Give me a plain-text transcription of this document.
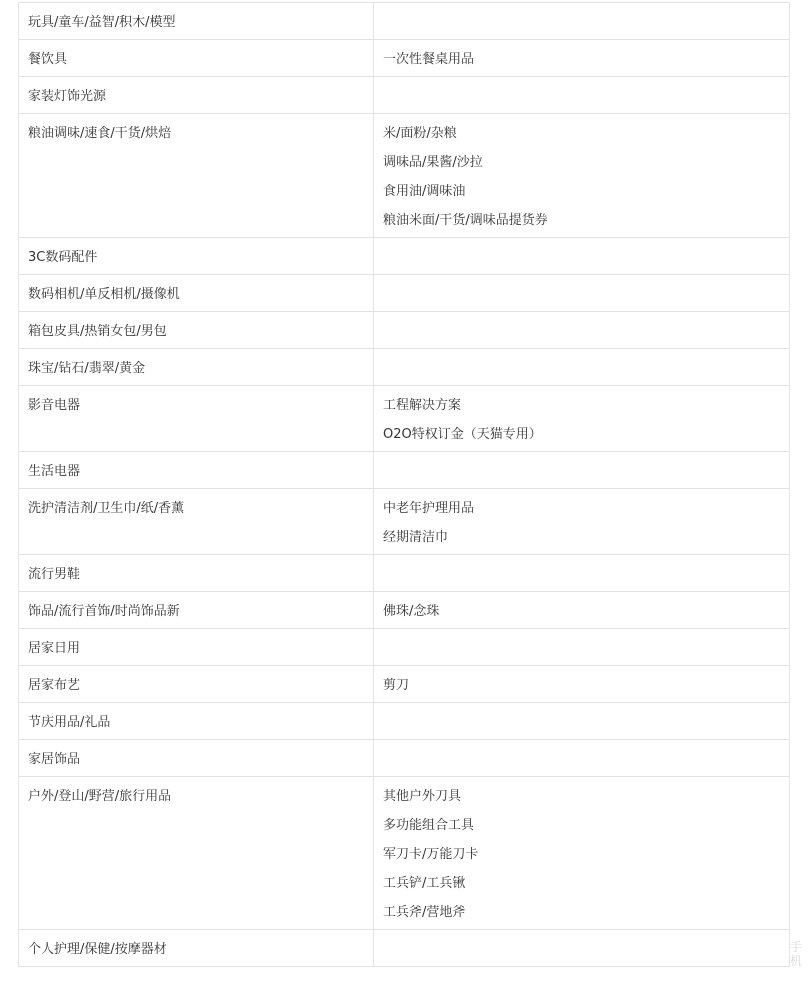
玩具/童车/益智/积木/模型	

餐饮具	一次性餐桌用品

家装灯饰光源	

粮油调味/速食/干货/烘焙	米/面粉/杂粮
调味品/果酱/沙拉
食用油/调味油
粮油米面/干货/调味品提货券

3C数码配件	

数码相机/单反相机/摄像机	

箱包皮具/热销女包/男包	

珠宝/钻石/翡翠/黄金	

影音电器	工程解决方案
O2O特权订金（天猫专用）

生活电器	

洗护清洁剂/卫生巾/纸/香薰	中老年护理用品
经期清洁巾

流行男鞋	

饰品/流行首饰/时尚饰品新	佛珠/念珠

居家日用	

居家布艺	剪刀

节庆用品/礼品	

家居饰品	

户外/登山/野营/旅行用品	其他户外刀具
多功能组合工具
军刀卡/万能刀卡
工兵铲/工兵锹
工兵斧/营地斧

个人护理/保健/按摩器材	
		手机
